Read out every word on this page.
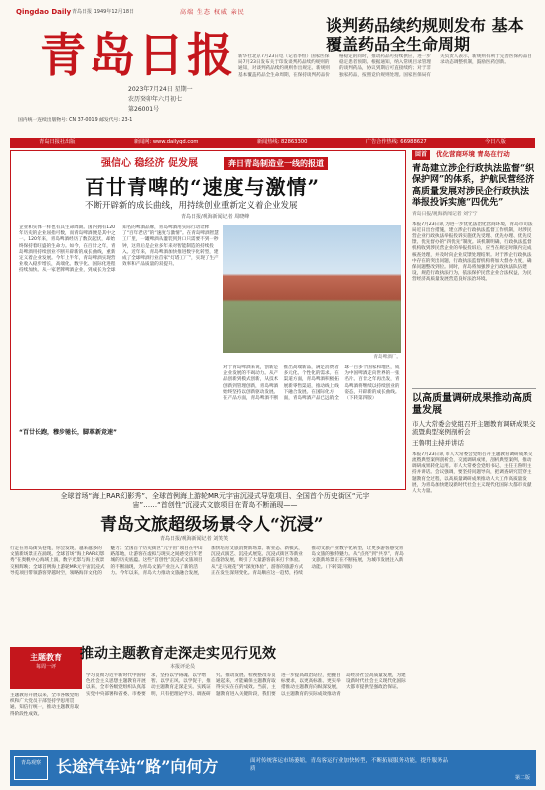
Qingdao Daily 青岛日报 1949年12月18日	高端 生态 权威 亲民
青岛日报
2023年7月24日 星期一
农历癸卯年六月初七
第26001号
国内统一连续出版物号: CN 37-0019 邮发代号: 23-1
谈判药品续约规则发布 基本覆盖药品全生命周期
新华社北京7月23日电（记者李恒）国家医保局7月23日发布关于印发谈判药品续约规则的通知，对谈判药品续约规则作出规定。新规则基本覆盖药品全生命周期，在保持谈判药品价格稳定的同时，推动药品可持续供应，进一步稳定患者预期。根据通知，纳入常规目录管理的谈判药品，协议到期后可直接续约；对于非独家药品，按照竞价规则处理。国家医保局有关负责人表示，新规则有利于完善医保药品目录动态调整机制，鼓励医药创新。
青岛日报社出版	新闻网: www.dailyqd.com	新闻热线: 82863300	广告合作热线: 66988627	今日八版
强信心 稳经济 促发展	奔日青岛制造业一线的报道
百廿青啤的“速度与激情”
不断开辟新的成长曲线，用持续创业重新定义着企业发展
青岛日报/观海新闻记者 周晓峰
企业和实体一样也有其生命周期。国内拥有120年历史的企业屈指可数，而青岛啤酒便是其中之一。120年来，青岛啤酒经历了数次起伏，却始终保持着旺盛的生命力。如今，在百廿之年，青岛啤酒用持续创业不断开辟新的成长曲线，重新定义着企业发展。今年上半年，青岛啤酒实现营业收入稳步增长，高端化、数字化、国际化进程持续加快。从一家老牌啤酒企业，到成长为全球知名的啤酒品牌，青岛啤酒用实际行动诠释了“百年老店”的“速度与激情”。在青岛啤酒智慧工厂里，一罐啤酒从灌装到封口只需要不到一秒钟，这背后是企业多年来对智能制造的持续投入。近年来，青岛啤酒加快推进数字化转型，建成了全球啤酒行业首家“灯塔工厂”，实现了生产效率和产品质量的双提升。
青岛啤酒厂。
“百廿长跑，穆步驰长，脚革新竞速”
对于青岛啤酒来说，创新是企业发展的不竭动力。从产品创新到模式创新，从技术创新到管理创新，青岛啤酒始终坚持以创新驱动发展。在产品方面，青岛啤酒不断推出高端新品，满足消费者多元化、个性化的需求。在渠道方面，青岛啤酒积极拓展新零售渠道，推动线上线下融合发展。在国际化方面，青岛啤酒产品已远销全球一百多个国家和地区，成为中国啤酒走向世界的一张名片。百廿之年再出发，青岛啤酒将继续以持续创业的姿态，开辟新的成长曲线。（下转第四版）
回首 优化营商环境 青岛在行动
青岛建立涉企行政执法监督“织保护网”的体系，护航民营经济高质量发展对涉民企行政执法举报投诉实施“四优先”
青岛日报/观海新闻记者 刘宁宁
本报7月23日讯 为进一步优化法治化营商环境，青岛市司法局近日出台措施，建立涉企行政执法监督工作机制，对涉民营企业行政执法举报投诉实施优先受理、优先办理、优先反馈、优先督办的“四优先”制度。该机制明确，行政执法监督机构收到涉民营企业的举报投诉后，应当在规定时限内完成核查处理，并及时向企业反馈处理结果。对于涉企行政执法中存在的突出问题，行政执法监督机构将加大督办力度，确保问题整改到位。同时，青岛将加强涉企行政执法队伍建设，规范行政执法行为，依法保护民营企业合法权益，为民营经济高质量发展营造良好法治环境。
以高质量调研成果推动高质量发展
市人大常委会党组召开主题教育调研成果交流暨典型案例剖析会
王鲁明主持并讲话
本报7月23日讯 市人大常委会党组召开主题教育调研成果交流暨典型案例剖析会，交流调研成果，剖析典型案例，推动调研成果转化运用。市人大常委会党组书记、主任王鲁明主持并讲话。会议强调，要坚持问题导向，把调查研究贯穿主题教育全过程，以高质量调研成果推动人大工作高质量发展，为青岛加快建设新时代社会主义现代化国际大都市贡献人大力量。
全球首场“海上RAR幻影秀”、全球首例海上游轮MR元宇宙沉浸式导览项目、全国首个历史街区“元宇宙”……“首创性”沉浸式文旅项目在青岛不断涌现——
青岛文旅超级场景令人“沉浸”
青岛日报/观海新闻记者 刘笑笑
行走在青岛街头巷尾，你会发现，越来越多的文旅新场景正在涌现。全球首场“海上RAR幻影秀”在奥帆中心海域上演，数字光影与海上夜景交相辉映；全球首例海上游轮MR元宇宙沉浸式导览项目带领游客穿越时空，领略海洋文化的魅力；全国首个历史街区“元宇宙”项目在中山路落地，让游客在虚拟与现实之间感受百年老城的历史底蕴。这些“首创性”沉浸式文旅项目的不断涌现，为青岛文旅产业注入了新的活力。今年以来，青岛大力推动文旅融合发展，加快培育文旅消费新场景、新业态、新模式，沉浸式演艺、沉浸式展览、沉浸式街区等新业态蓬勃发展，吸引了大量游客前来打卡体验。从“走马观花”到“深度体验”，游客的旅游方式正在发生深刻变化。青岛顺应这一趋势，持续推动文旅产业数字化转型，让更多游客感受青岛文旅的独特魅力。从“点亮”到“共享”，青岛文旅新场景正在不断拓展，为城市发展注入新动能。（下转第四版）
主题教育
每周一评
主题教育开展以来，全市各级党组织和广大党员干部坚持学思用贯通、知信行统一，推动主题教育取得阶段性成效。
推动主题教育走深走实见行见效
本报评论员
学习贯彻习近平新时代中国特色社会主义思想主题教育开展以来，全市各级党组织认真落实党中央部署和省委、市委要求，坚持以学铸魂、以学增智、以学正风、以学促干，推动主题教育走深走实。实践证明，只有把理论学习、调查研究、推动发展、检视整改等贯通起来，才能确保主题教育取得实实在在的成效。当前，主题教育进入关键阶段，我们要进一步提高政治站位，把握目标要求，以更高标准、更实举措推动主题教育向纵深发展，以主题教育的实际成效推动青岛经济社会高质量发展，为建设新时代社会主义现代化国际大都市提供坚强政治保证。
青岛观察 长途汽车站“路”向何方	面对传统客运市场萎缩，青岛客运行业加快转型，不断拓展服务功能，提升服务品质
第二版
